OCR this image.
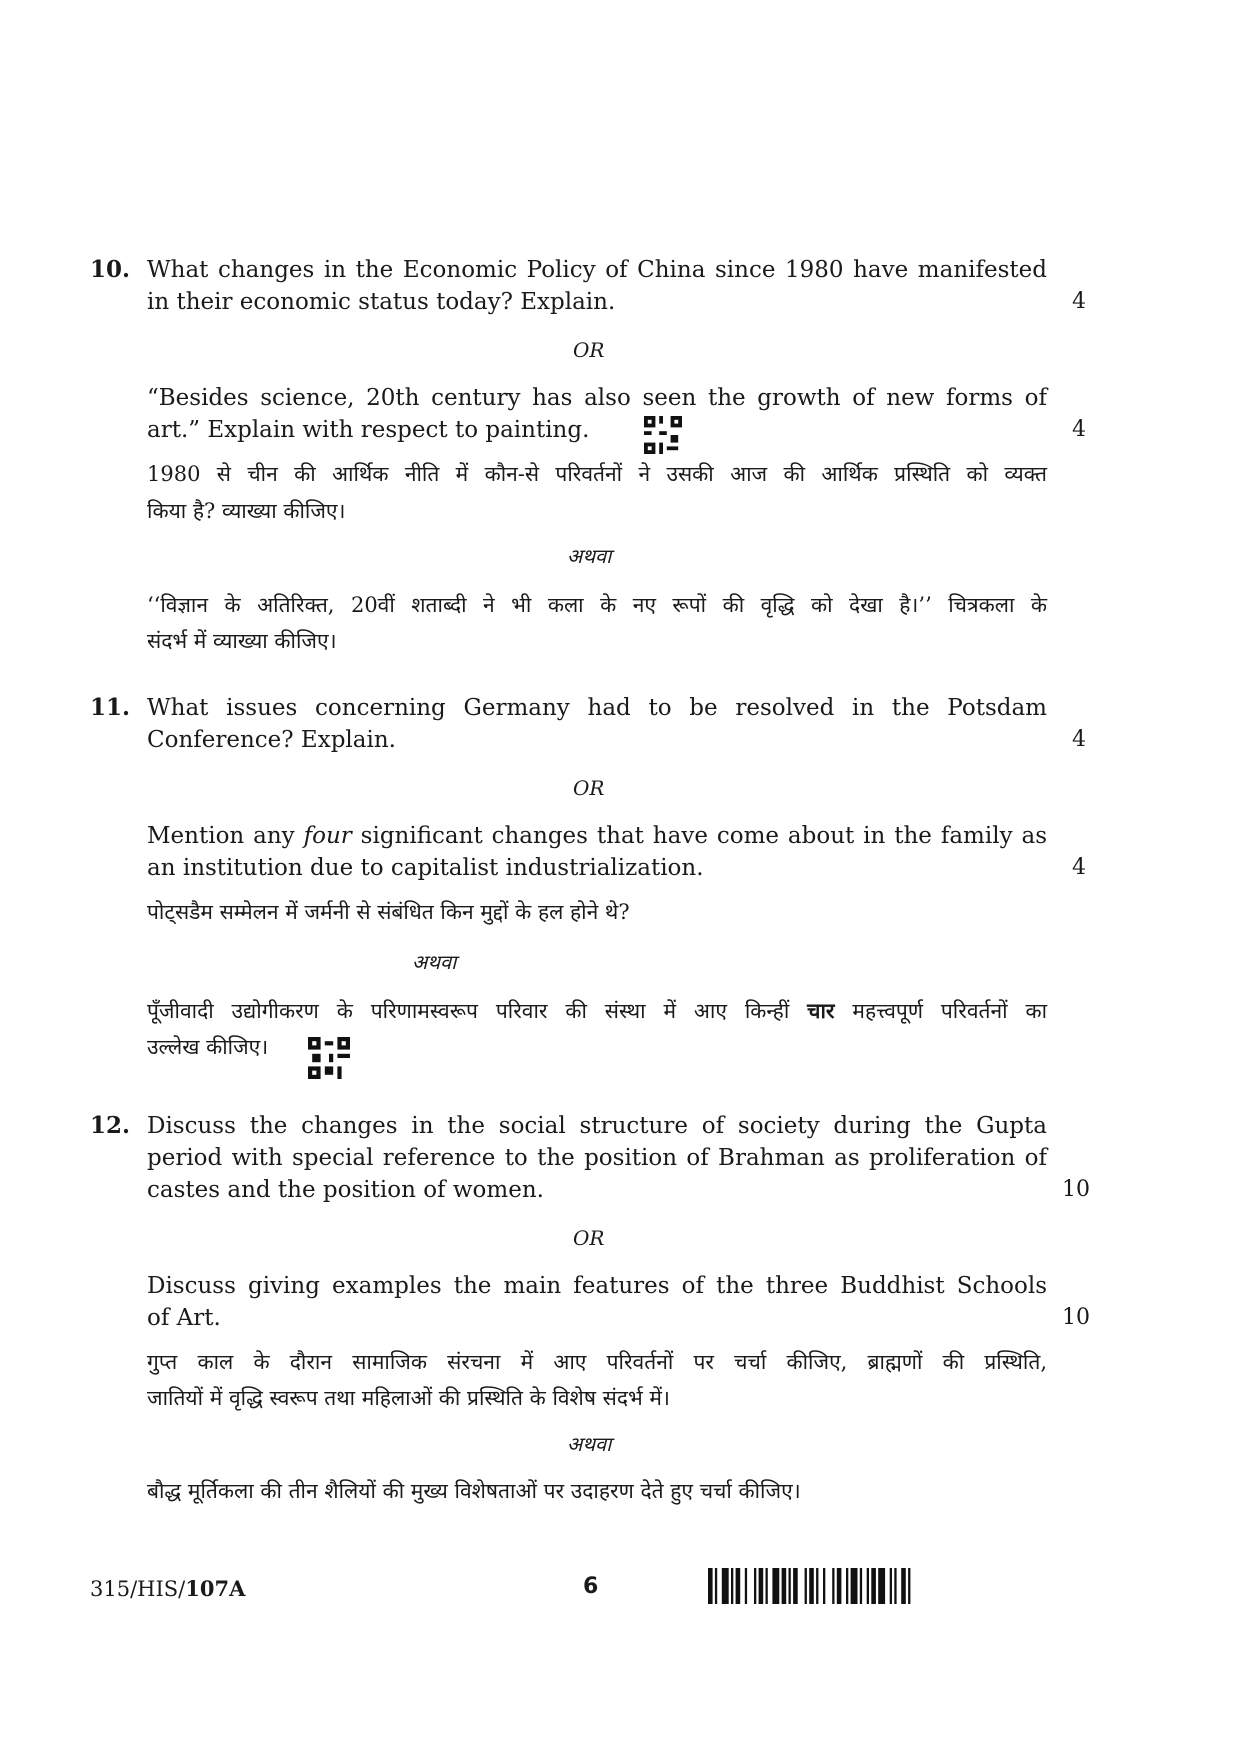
10. What changes in the Economic Policy of China since 1980 have manifested
in their economic status today? Explain.	4
OR
“Besides science, 20th century has also seen the growth of new forms of
art.” Explain with respect to painting.	4
1980 से चीन की आर्थिक नीति में कौन-से परिवर्तनों ने उसकी आज की आर्थिक प्रस्थिति को व्यक्त
किया है? व्याख्या कीजिए।
अथवा
‘‘विज्ञान के अतिरिक्त, 20वीं शताब्दी ने भी कला के नए रूपों की वृद्धि को देखा है।’’ चित्रकला के
संदर्भ में व्याख्या कीजिए।
11. What issues concerning Germany had to be resolved in the Potsdam
Conference? Explain.	4
OR
Mention any four significant changes that have come about in the family as
an institution due to capitalist industrialization.	4
पोट्सडैम सम्मेलन में जर्मनी से संबंधित किन मुद्दों के हल होने थे?
अथवा
पूँजीवादी उद्योगीकरण के परिणामस्वरूप परिवार की संस्था में आए किन्हीं चार महत्त्वपूर्ण परिवर्तनों का
उल्लेख कीजिए।
12. Discuss the changes in the social structure of society during the Gupta
period with special reference to the position of Brahman as proliferation of
castes and the position of women.	10
OR
Discuss giving examples the main features of the three Buddhist Schools
of Art.	10
गुप्त काल के दौरान सामाजिक संरचना में आए परिवर्तनों पर चर्चा कीजिए, ब्राह्मणों की प्रस्थिति,
जातियों में वृद्धि स्वरूप तथा महिलाओं की प्रस्थिति के विशेष संदर्भ में।
अथवा
बौद्ध मूर्तिकला की तीन शैलियों की मुख्य विशेषताओं पर उदाहरण देते हुए चर्चा कीजिए।
315/HIS/107A	6
